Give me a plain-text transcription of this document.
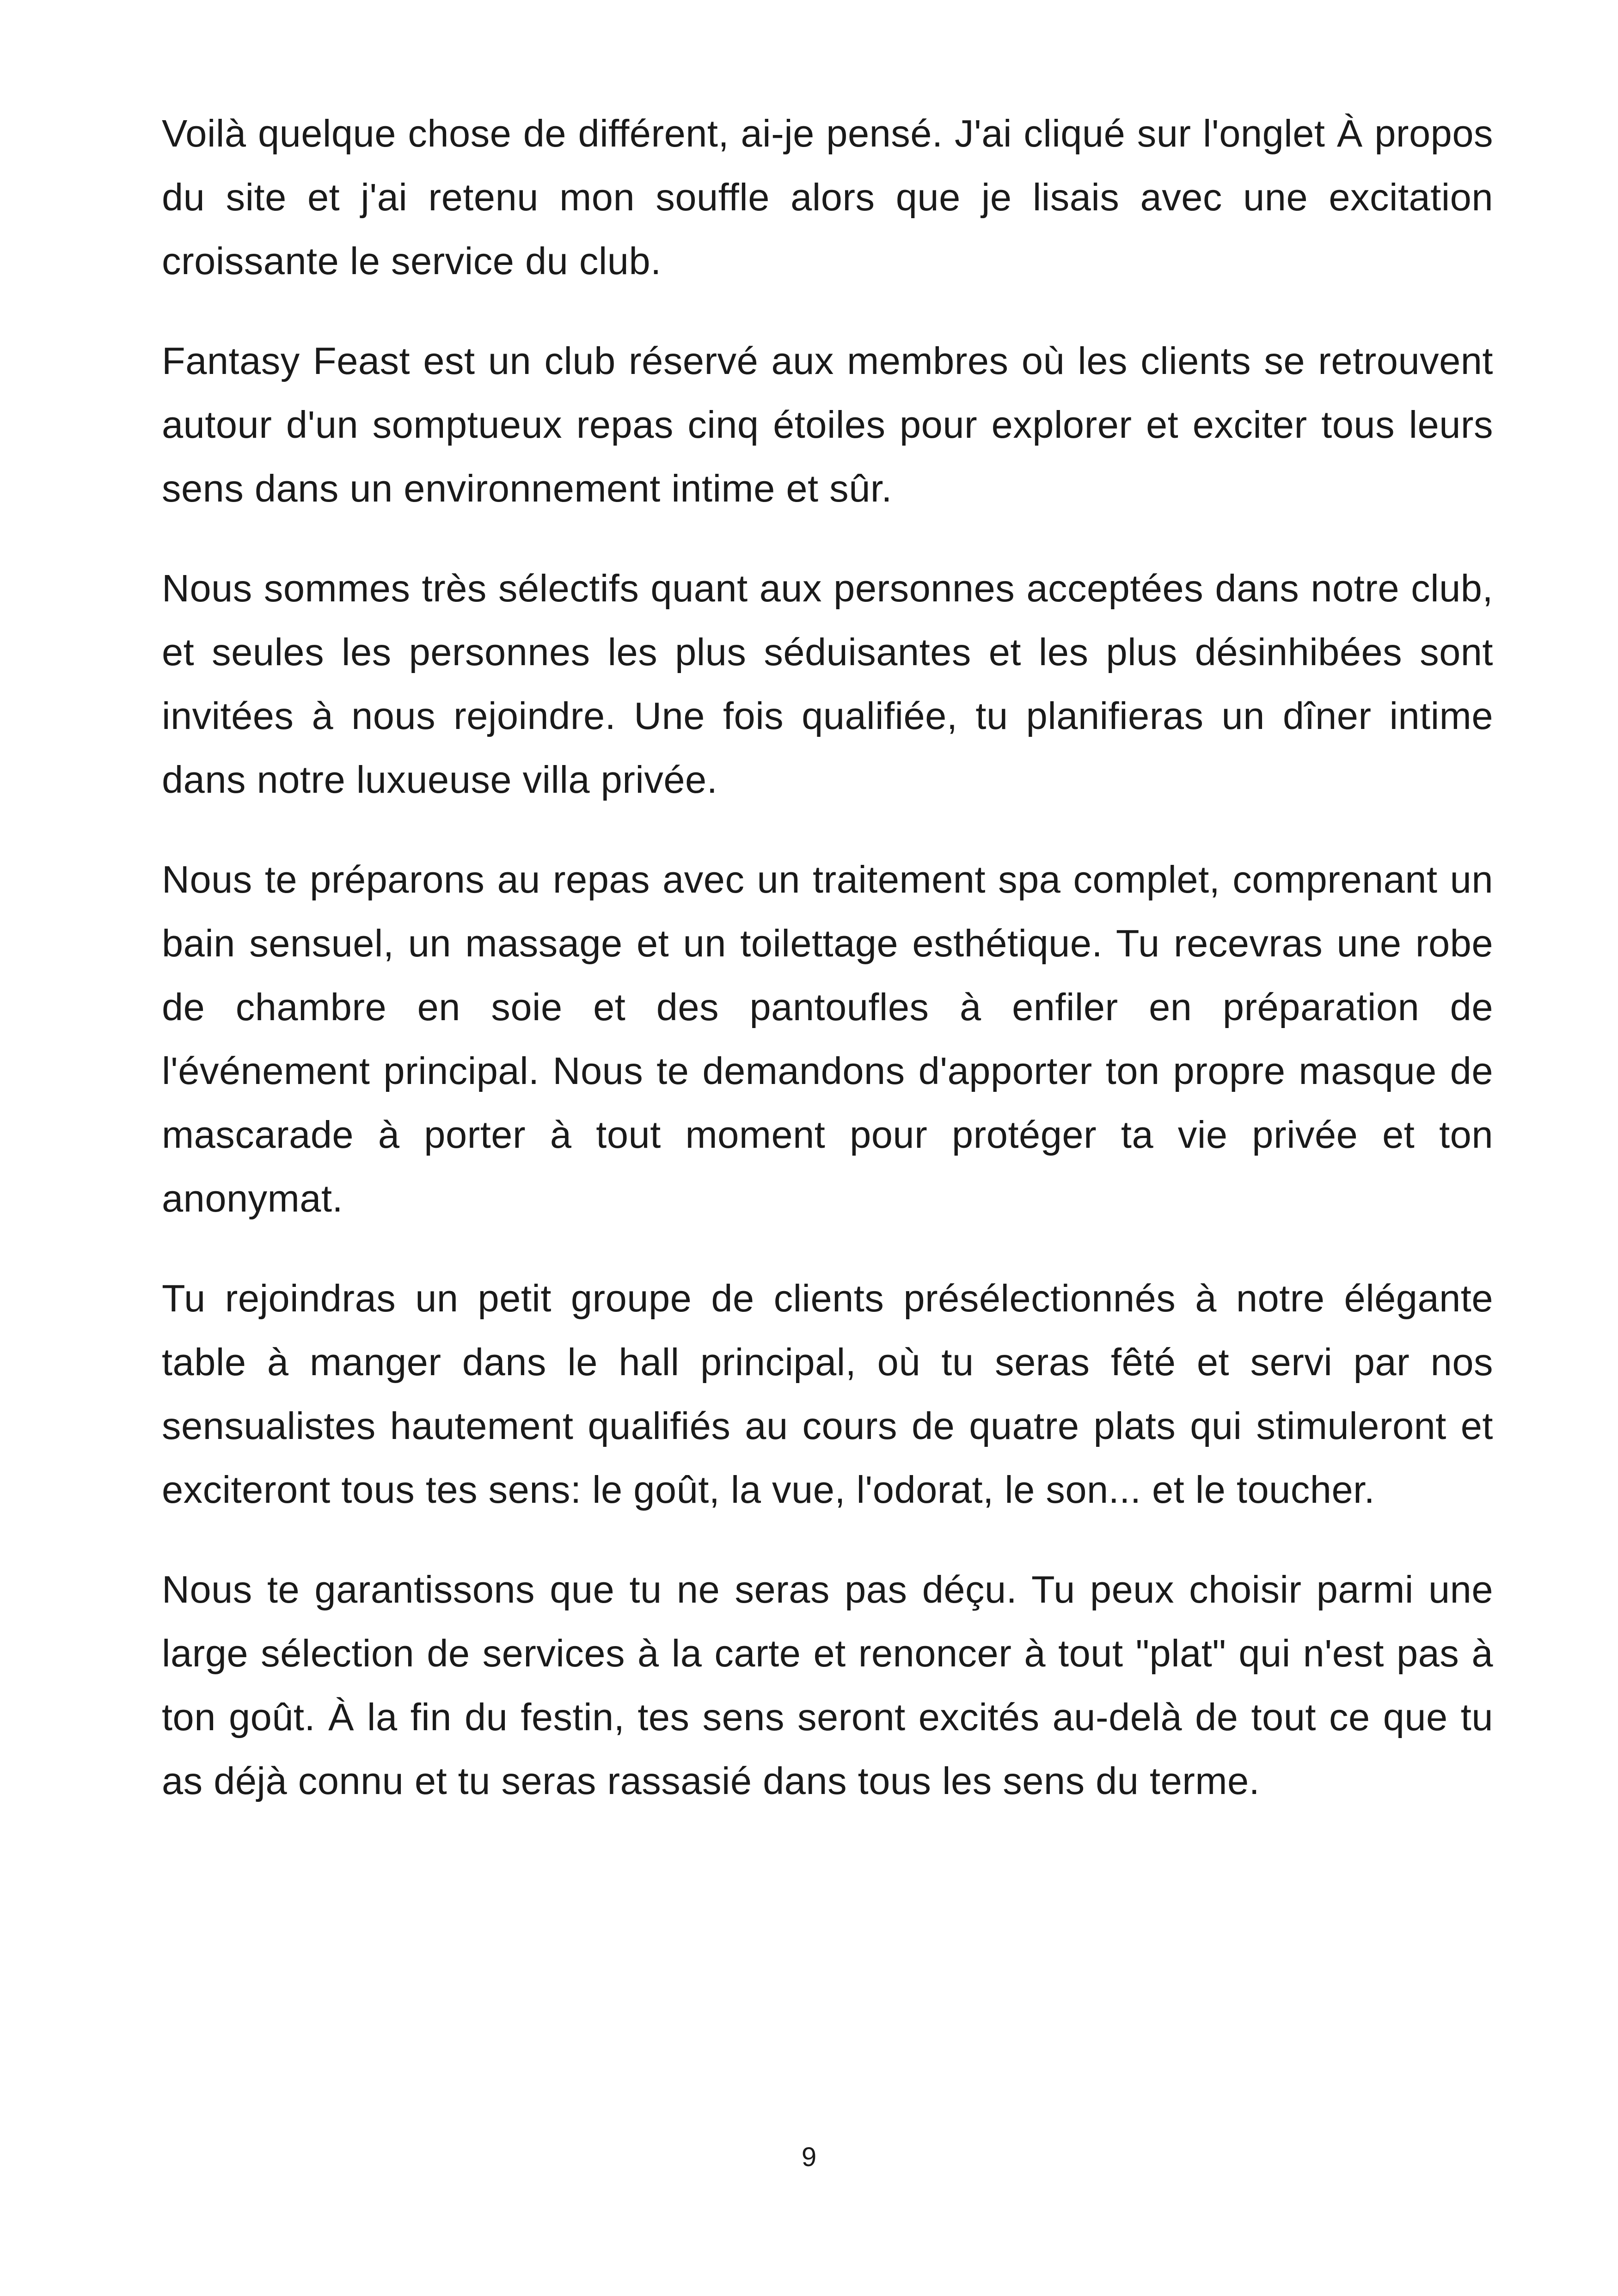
Voilà quelque chose de différent, ai-je pensé. J'ai cliqué sur l'onglet À propos du site et j'ai retenu mon souffle alors que je lisais avec une excitation croissante le service du club.

Fantasy Feast est un club réservé aux membres où les clients se retrouvent autour d'un somptueux repas cinq étoiles pour explorer et exciter tous leurs sens dans un environnement intime et sûr.

Nous sommes très sélectifs quant aux personnes acceptées dans notre club, et seules les personnes les plus séduisantes et les plus désinhibées sont invitées à nous rejoindre. Une fois qualifiée, tu planifieras un dîner intime dans notre luxueuse villa privée.

Nous te préparons au repas avec un traitement spa complet, comprenant un bain sensuel, un massage et un toilettage esthétique. Tu recevras une robe de chambre en soie et des pantoufles à enfiler en préparation de l'événement principal. Nous te demandons d'apporter ton propre masque de mascarade à porter à tout moment pour protéger ta vie privée et ton anonymat.

Tu rejoindras un petit groupe de clients présélectionnés à notre élégante table à manger dans le hall principal, où tu seras fêté et servi par nos sensualistes hautement qualifiés au cours de quatre plats qui stimuleront et exciteront tous tes sens: le goût, la vue, l'odorat, le son... et le toucher.

Nous te garantissons que tu ne seras pas déçu. Tu peux choisir parmi une large sélection de services à la carte et renoncer à tout "plat" qui n'est pas à ton goût. À la fin du festin, tes sens seront excités au-delà de tout ce que tu as déjà connu et tu seras rassasié dans tous les sens du terme.

9
